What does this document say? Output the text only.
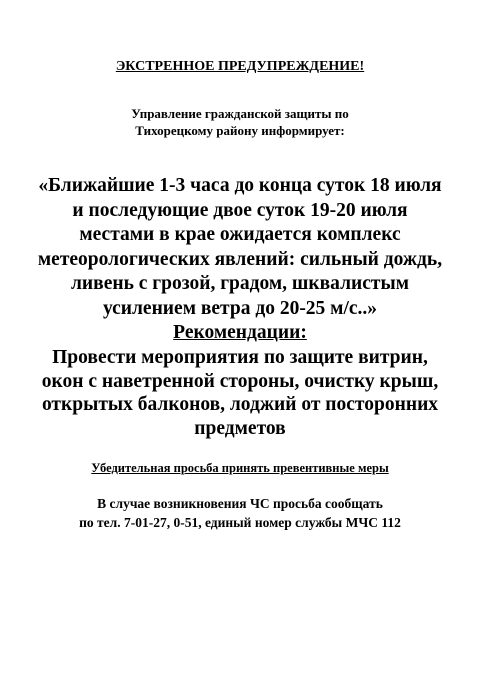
ЭКСТРЕННОЕ ПРЕДУПРЕЖДЕНИЕ!
Управление гражданской защиты по
Тихорецкому району информирует:
«Ближайшие 1-3 часа до конца суток 18 июля
и последующие двое суток 19-20 июля
местами в крае ожидается комплекс
метеорологических явлений: сильный дождь,
ливень с грозой, градом, шквалистым
усилением ветра до 20-25 м/с..»
Рекомендации:
Провести мероприятия по защите витрин,
окон с наветренной стороны, очистку крыш,
открытых балконов, лоджий от посторонних
предметов
Убедительная просьба принять превентивные меры
В случае возникновения ЧС просьба сообщать
по тел. 7-01-27, 0-51, единый номер службы МЧС 112
